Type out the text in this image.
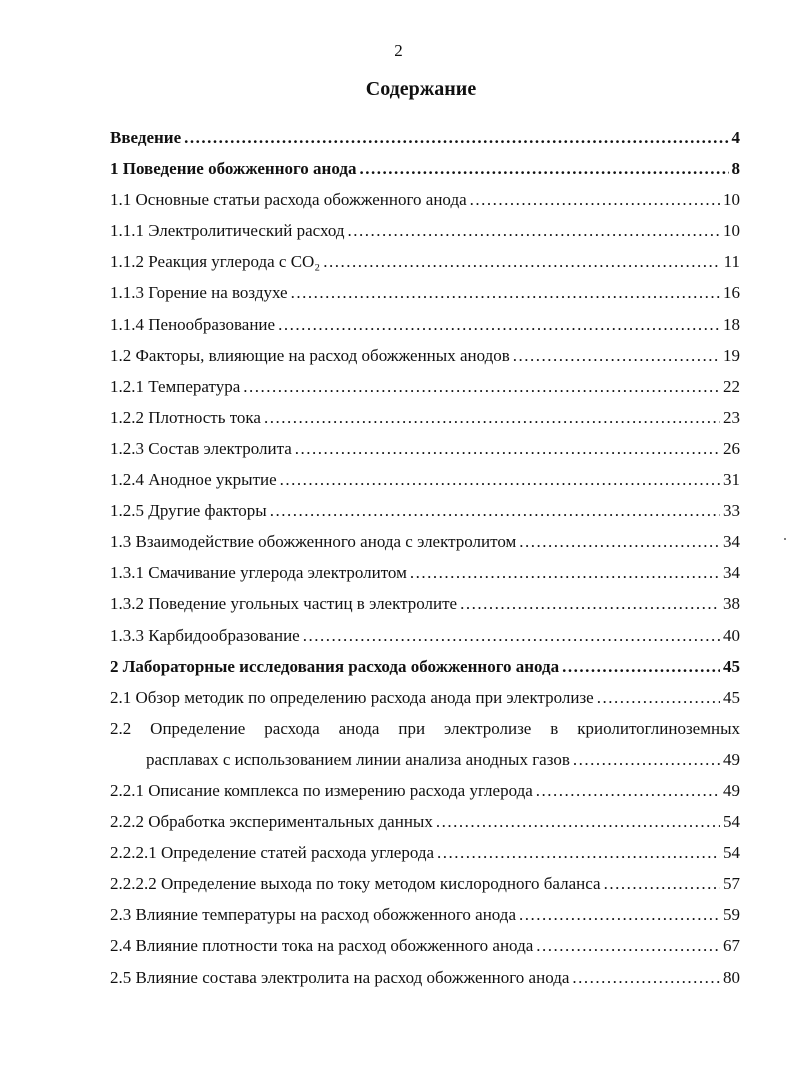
2
Содержание
Введение .....	4
1 Поведение обожженного анода .....	8
1.1 Основные статьи расхода обожженного анода .....	10
1.1.1 Электролитический расход .....	10
1.1.2 Реакция углерода с CO₂ .....	11
1.1.3 Горение на воздухе .....	16
1.1.4 Пенообразование .....	18
1.2 Факторы, влияющие на расход обожженных анодов .....	19
1.2.1 Температура .....	22
1.2.2 Плотность тока .....	23
1.2.3 Состав электролита .....	26
1.2.4 Анодное укрытие .....	31
1.2.5 Другие факторы .....	33
1.3 Взаимодействие обожженного анода с электролитом .....	34
1.3.1 Смачивание углерода электролитом .....	34
1.3.2 Поведение угольных частиц в электролите .....	38
1.3.3 Карбидообразование .....	40
2 Лабораторные исследования расхода обожженного анода .....	45
2.1 Обзор методик по определению расхода анода при электролизе .....	45
2.2 Определение расхода анода при электролизе в криолитоглиноземных
расплавах с использованием линии анализа анодных газов .....	49
2.2.1 Описание комплекса по измерению расхода углерода .....	49
2.2.2 Обработка экспериментальных данных .....	54
2.2.2.1 Определение статей расхода углерода .....	54
2.2.2.2 Определение выхода по току методом кислородного баланса .....	57
2.3 Влияние температуры на расход обожженного анода .....	59
2.4 Влияние плотности тока на расход обожженного анода .....	67
2.5 Влияние состава электролита на расход обожженного анода .....	80
